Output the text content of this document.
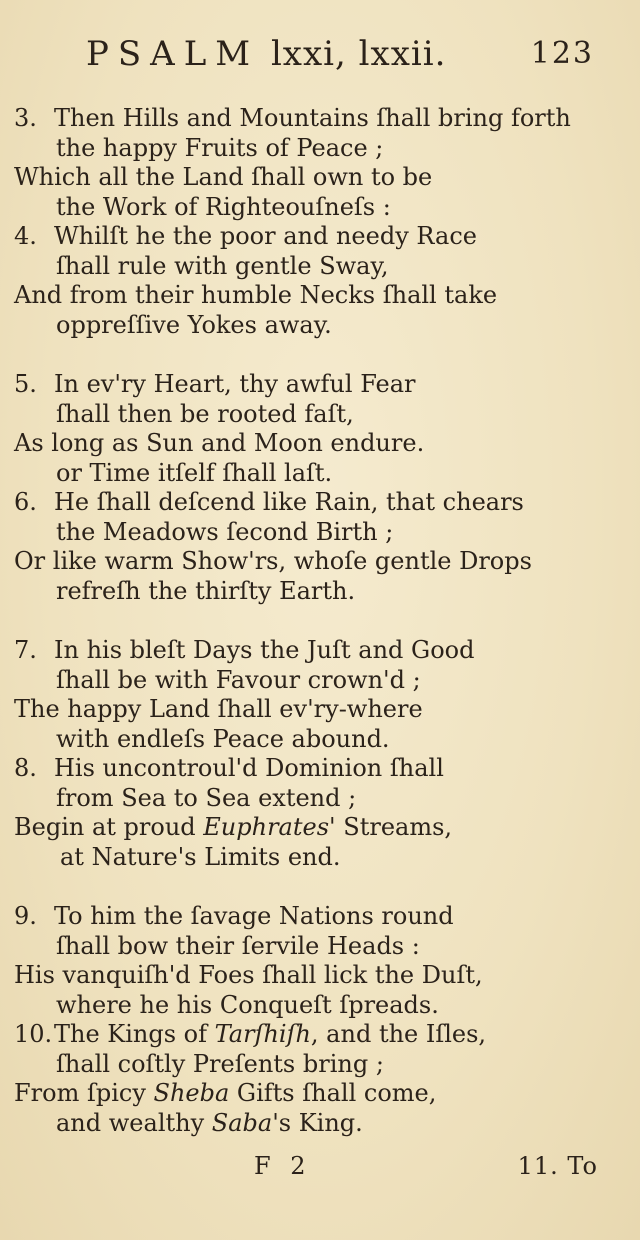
PSALM lxxi, lxxii.	123
3. Then Hills and Mountains ſhall bring forth
the happy Fruits of Peace ;
Which all the Land ſhall own to be
the Work of Righteouſneſs :
4. Whilſt he the poor and needy Race
ſhall rule with gentle Sway,
And from their humble Necks ſhall take
oppreſſive Yokes away.
5. In ev'ry Heart, thy awful Fear
ſhall then be rooted faſt,
As long as Sun and Moon endure.
or Time itſelf ſhall laſt.
6. He ſhall deſcend like Rain, that chears
the Meadows ſecond Birth ;
Or like warm Show'rs, whoſe gentle Drops
refreſh the thirſty Earth.
7. In his bleſt Days the Juſt and Good
ſhall be with Favour crown'd ;
The happy Land ſhall ev'ry-where
with endleſs Peace abound.
8. His uncontroul'd Dominion ſhall
from Sea to Sea extend ;
Begin at proud Euphrates' Streams,
at Nature's Limits end.
9. To him the ſavage Nations round
ſhall bow their ſervile Heads :
His vanquiſh'd Foes ſhall lick the Duſt,
where he his Conqueſt ſpreads.
10.The Kings of Tarſhiſh, and the Iſles,
ſhall coſtly Preſents bring ;
From ſpicy Sheba Gifts ſhall come,
and wealthy Saba's King.
F 2	11. To
